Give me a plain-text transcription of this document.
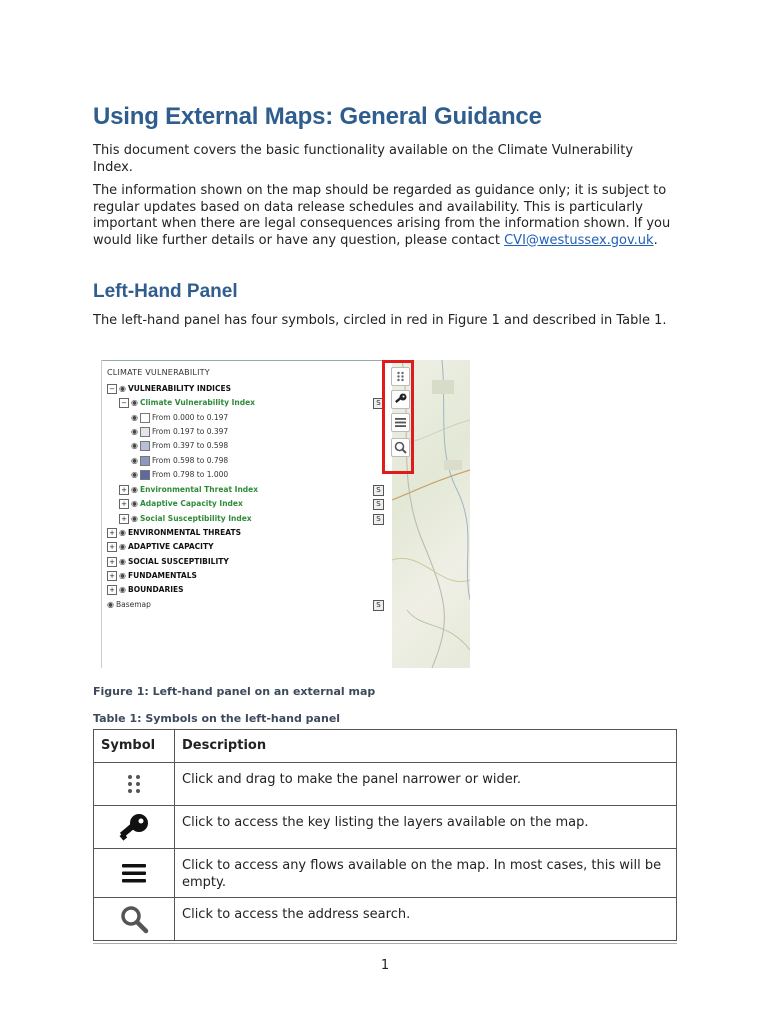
Using External Maps: General Guidance

This document covers the basic functionality available on the Climate Vulnerability Index.

The information shown on the map should be regarded as guidance only; it is subject to regular updates based on data release schedules and availability. This is particularly important when there are legal consequences arising from the information shown. If you would like further details or have any question, please contact CVI@westussex.gov.uk.

Left-Hand Panel

The left-hand panel has four symbols, circled in red in Figure 1 and described in Table 1.

CLIMATE VULNERABILITY
− ◉ VULNERABILITY INDICES
− ◉ Climate Vulnerability Index	S
◉ From 0.000 to 0.197
◉ From 0.197 to 0.397
◉ From 0.397 to 0.598
◉ From 0.598 to 0.798
◉ From 0.798 to 1.000
+ ◉ Environmental Threat Index	S
+ ◉ Adaptive Capacity Index	S
+ ◉ Social Susceptibility Index	S
+ ◉ ENVIRONMENTAL THREATS
+ ◉ ADAPTIVE CAPACITY
+ ◉ SOCIAL SUSCEPTIBILITY
+ ◉ FUNDAMENTALS
+ ◉ BOUNDARIES
◉ Basemap	S
Figure 1: Left-hand panel on an external map
Table 1: Symbols on the left-hand panel
Symbol	Description

Click and drag to make the panel narrower or wider.

Click to access the key listing the layers available on the map.

Click to access any flows available on the map. In most cases, this will be empty.

Click to access the address search.
1
